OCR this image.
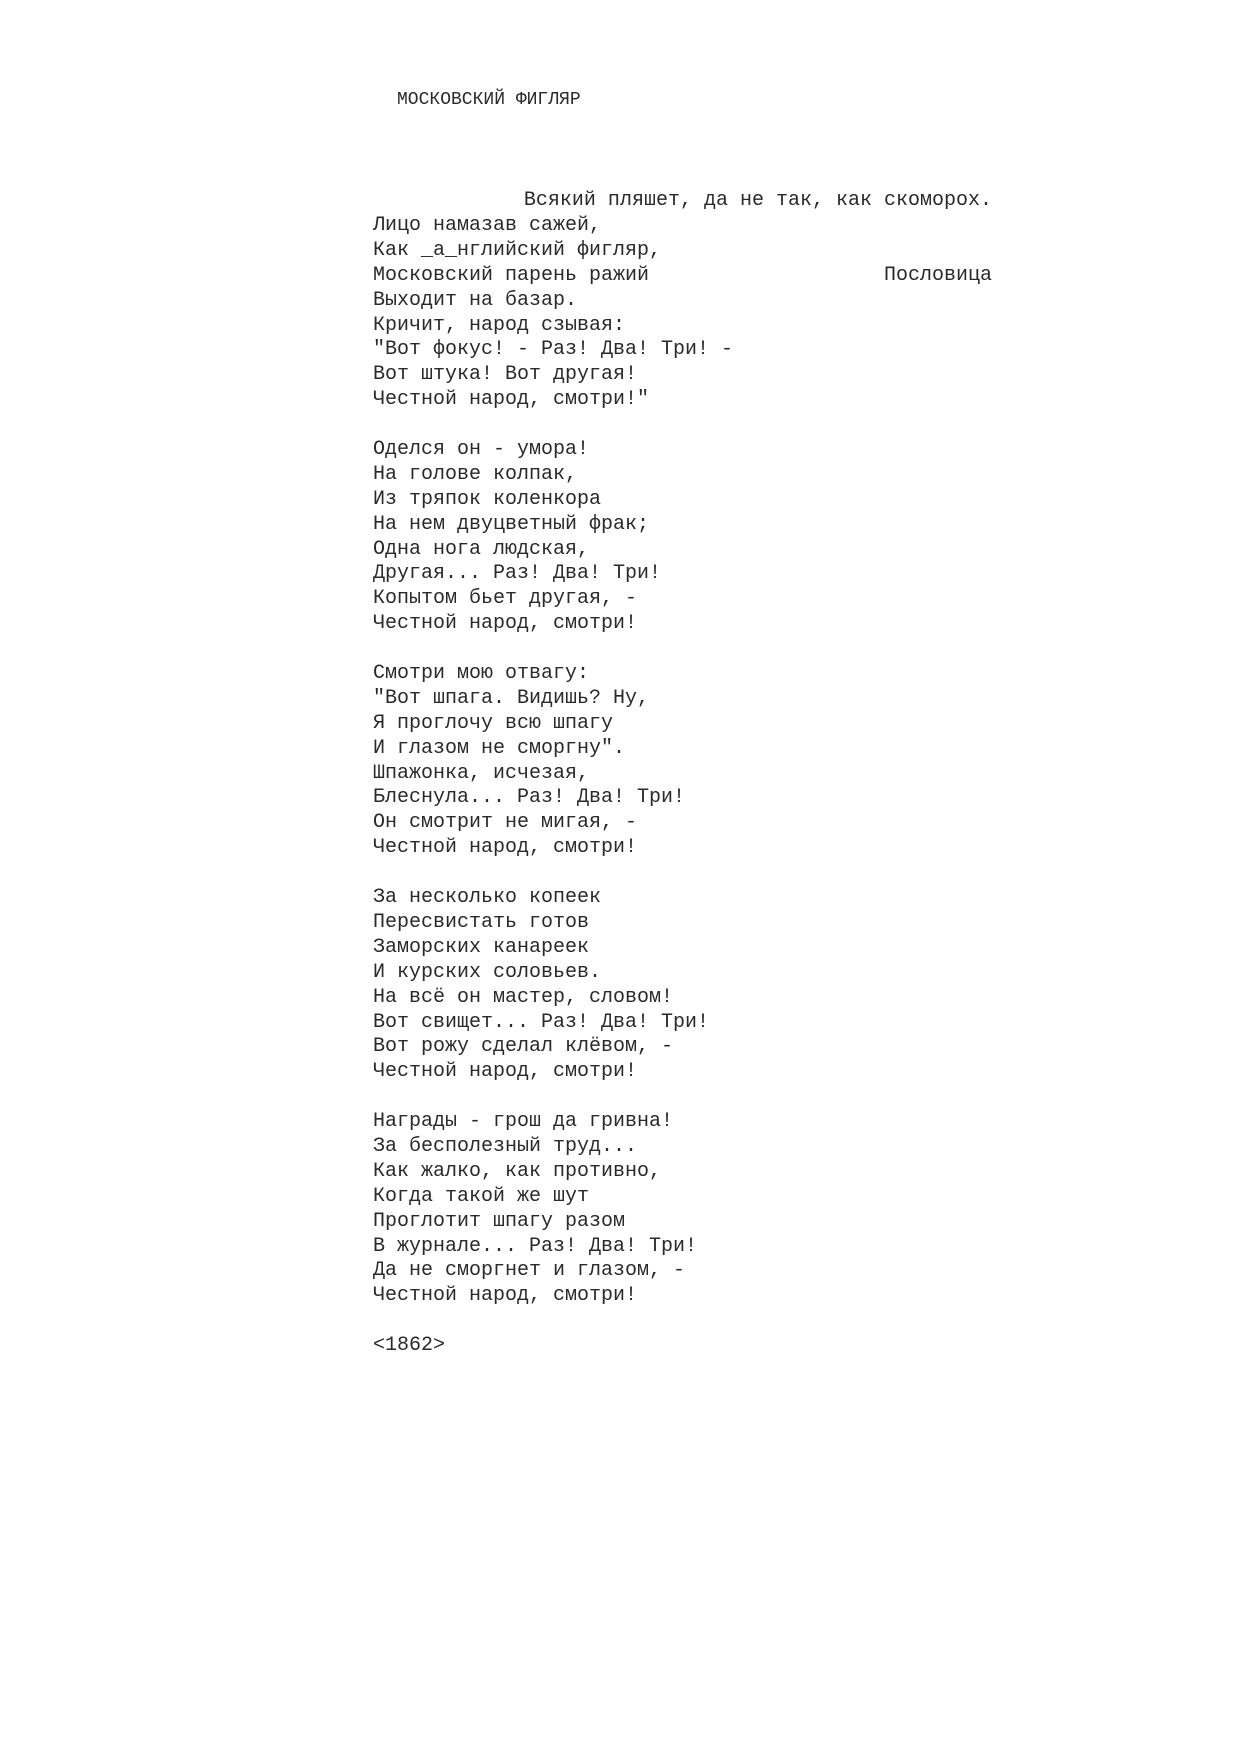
МОСКОВСКИЙ ФИГЛЯР

Всякий пляшет, да не так, как скоморох.

Пословица

Лицо намазав сажей,
Как _а_нглийский фигляр,
Московский парень ражий
Выходит на базар.
Кричит, народ сзывая:
"Вот фокус! - Раз! Два! Три! -
Вот штука! Вот другая!
Честной народ, смотри!"
Оделся он - умора!
На голове колпак,
Из тряпок коленкора
На нем двуцветный фрак;
Одна нога людская,
Другая... Раз! Два! Три!
Копытом бьет другая, -
Честной народ, смотри!
Смотри мою отвагу:
"Вот шпага. Видишь? Ну,
Я проглочу всю шпагу
И глазом не сморгну".
Шпажонка, исчезая,
Блеснула... Раз! Два! Три!
Он смотрит не мигая, -
Честной народ, смотри!
За несколько копеек
Пересвистать готов
Заморских канареек
И курских соловьев.
На всё он мастер, словом!
Вот свищет... Раз! Два! Три!
Вот рожу сделал клёвом, -
Честной народ, смотри!
Награды - грош да гривна!
За бесполезный труд...
Как жалко, как противно,
Когда такой же шут
Проглотит шпагу разом
В журнале... Раз! Два! Три!
Да не сморгнет и глазом, -
Честной народ, смотри!
<1862>
